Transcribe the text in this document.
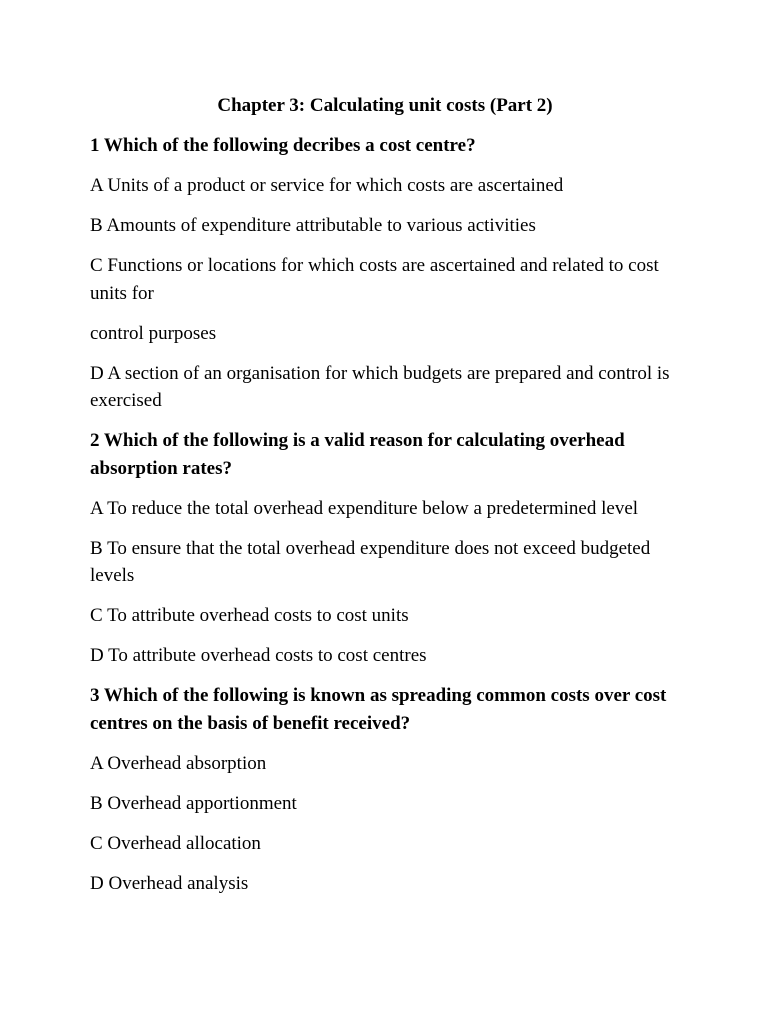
Chapter 3: Calculating unit costs (Part 2)
1 Which of the following decribes a cost centre?
A Units of a product or service for which costs are ascertained
B Amounts of expenditure attributable to various activities
C Functions or locations for which costs are ascertained and related to cost units for
control purposes
D A section of an organisation for which budgets are prepared and control is exercised
2 Which of the following is a valid reason for calculating overhead absorption rates?
A To reduce the total overhead expenditure below a predetermined level
B To ensure that the total overhead expenditure does not exceed budgeted levels
C To attribute overhead costs to cost units
D To attribute overhead costs to cost centres
3 Which of the following is known as spreading common costs over cost centres on the basis of benefit received?
A Overhead absorption
B Overhead apportionment
C Overhead allocation
D Overhead analysis
